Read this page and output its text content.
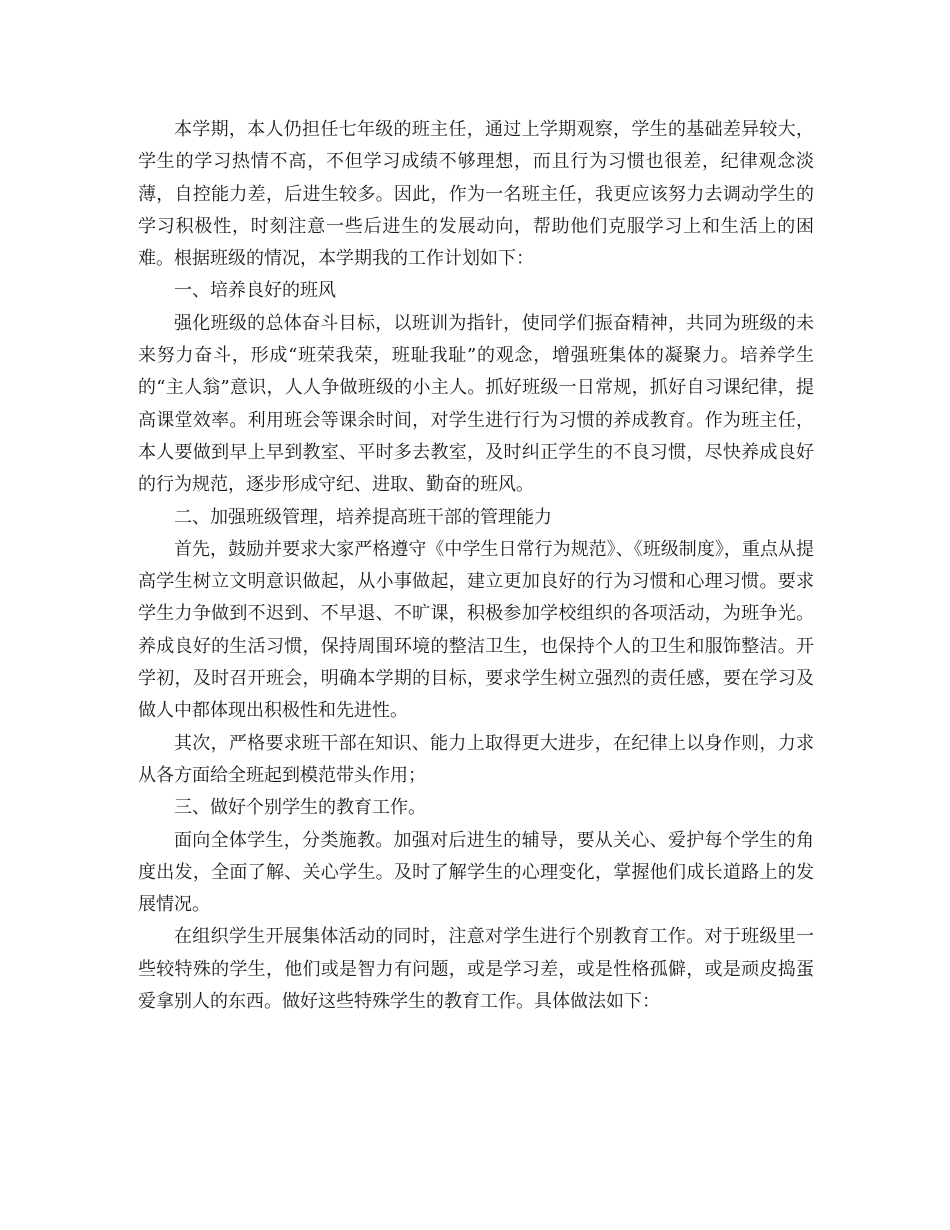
本学期，本人仍担任七年级的班主任，通过上学期观察，学生的基础差异较大，学生的学习热情不高，不但学习成绩不够理想，而且行为习惯也很差，纪律观念淡薄，自控能力差，后进生较多。因此，作为一名班主任，我更应该努力去调动学生的学习积极性，时刻注意一些后进生的发展动向，帮助他们克服学习上和生活上的困难。根据班级的情况，本学期我的工作计划如下：

一、培养良好的班风

强化班级的总体奋斗目标，以班训为指针，使同学们振奋精神，共同为班级的未来努力奋斗，形成“班荣我荣，班耻我耻”的观念，增强班集体的凝聚力。培养学生的“主人翁”意识，人人争做班级的小主人。抓好班级一日常规，抓好自习课纪律，提高课堂效率。利用班会等课余时间，对学生进行行为习惯的养成教育。作为班主任，本人要做到早上早到教室、平时多去教室，及时纠正学生的不良习惯，尽快养成良好的行为规范，逐步形成守纪、进取、勤奋的班风。

二、加强班级管理，培养提高班干部的管理能力

首先，鼓励并要求大家严格遵守《中学生日常行为规范》、《班级制度》，重点从提高学生树立文明意识做起，从小事做起，建立更加良好的行为习惯和心理习惯。要求学生力争做到不迟到、不早退、不旷课，积极参加学校组织的各项活动，为班争光。养成良好的生活习惯，保持周围环境的整洁卫生，也保持个人的卫生和服饰整洁。开学初，及时召开班会，明确本学期的目标，要求学生树立强烈的责任感，要在学习及做人中都体现出积极性和先进性。

其次，严格要求班干部在知识、能力上取得更大进步，在纪律上以身作则，力求从各方面给全班起到模范带头作用；

三、做好个别学生的教育工作。

面向全体学生，分类施教。加强对后进生的辅导，要从关心、爱护每个学生的角度出发，全面了解、关心学生。及时了解学生的心理变化，掌握他们成长道路上的发展情况。

在组织学生开展集体活动的同时，注意对学生进行个别教育工作。对于班级里一些较特殊的学生，他们或是智力有问题，或是学习差，或是性格孤僻，或是顽皮捣蛋爱拿别人的东西。做好这些特殊学生的教育工作。具体做法如下：
